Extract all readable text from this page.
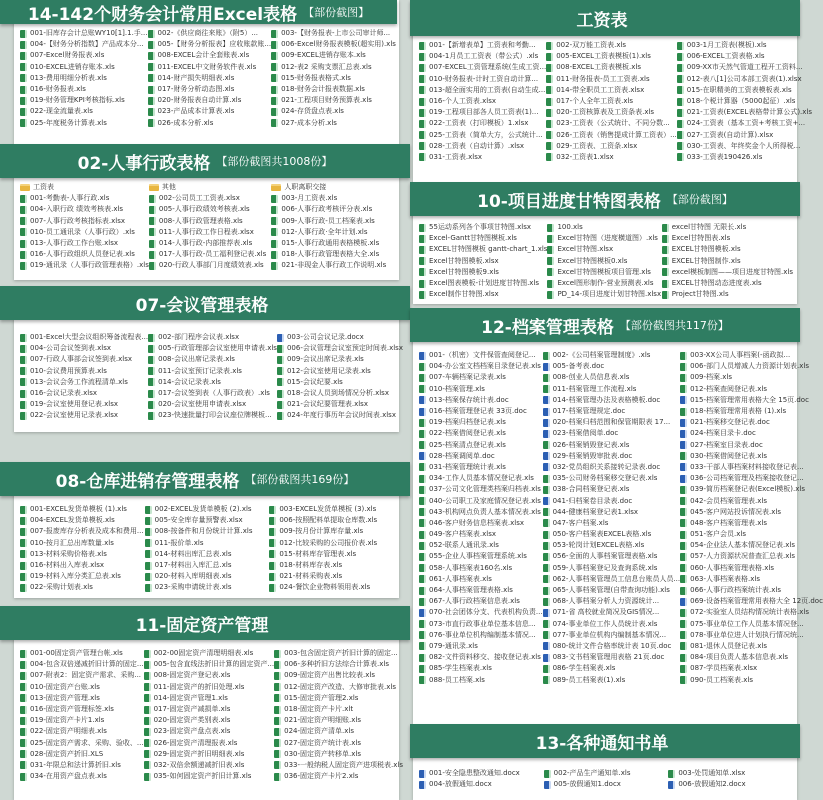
001-旧库存会计总账WY10[1].1.手... 002-《供应商往来账》（附5）...	003-【财务报表-上市公司审计师...
004-【财务分析指数】产品成本分... 005-【财务分析报表】应收账款账... 006-Excel财务报表模板(超实用).xls
007-Excel财务报表.xls	008-EXCEL会计全套账表.xls	009-EXCEL进销存账本.xls
010-EXCEL进销存账本.xls	011-EXCEL中文财务软件表.xls	012-表2 采购支票汇总表.xls
013-费用明细分析表.xls	014-财产损失明细表.xls	015-财务报表格式.xls
016-财务报表.xls	017-财务分析动态图.xls	018-财务会计报表数据.xls
019-财务管理KPI考核指标.xls	020-财务报表自动计算.xls	021-工程项目财务预算表.xls
022-现金流量表.xls	023-产品成本计算表.xls	024-存货盘点表.xls
025-年度税务计算表.xls	026-成本分析.xls	027-成本分析.xls
14-142个财务会计常用Excel表格 【部份截图】
工资表	其他	人职离职交接
001-考勤表-人事行政.xls	002-公司员工工资表.xlsx	003-月工资表.xls
004-入职行政 绩效考核表.xls	005-人事行政绩效考核表.xls	006-人事行政考核评分表.xls
007-人事行政考核指标表.xlsx	008-人事行政管理表格.xls	009-人事行政-员工档案表.xls
010-员工通讯录（人事行政）.xls	011-人事行政工作日程表.xlsx	012-人事行政·全年计划.xls
013-人事行政工作台账.xlsx	014-人事行政-内部推荐表.xls	015-人事行政通用表格模板.xls
016-人事行政组织人员登记表.xls	017-人事行政-员工福利登记表.xls 018-人事行政管理表格大全.xls
019-通讯录（人事行政管理表格）.xls 020-行政人事部门月度绩效表.xls	021-非现金人事行政工作说明.xls
02-人事行政表格 【部份截图共1008份】
001-Excel大型会议组织筹备流程表... 002-部门程序会议表.xlsx	003-公司会议记录.docx
004-公司会议签到表.xlsx	005-行政管理部会议室使用申请表.xls 006-会议管理会议室预定时间表.xlsx
007-行政人事部会议签到表.xlsx	008-会议出席记录表.xls	009-会议出席记录表.xls
010-会议费用预算表.xls	011-会议室预订记录表.xls	012-会议室使用记录表.xls
013-会议会务工作流程清单.xls	014-会议记录表.xls	015-会议纪要.xls
016-会议记录表.xlsx	017-会议签到表（人事行政表）.xls 018-会议人员到场情况分析.xlsx
019-会议室使用登记表.xlsx	020-会议室使用申请表.xlsx	021-会议纪要管理表.xlsx
022-会议室使用记录表.xlsx	023-快速批量打印会议座位牌模板... 024-年度行事历年会议时间表.xlsx
07-会议管理表格
001-EXCEL发货单模板 (1).xls	002-EXCEL发货单模板 (2).xls	003-EXCEL发货单模板 (3).xls
004-EXCEL发货单模板.xls	005-安全库存量预警表.xlsx	006-按照配料单提取仓库数.xls
007-报废库存分析表及成本和费用... 008-按备件和月份统计计算.xls	009-按月份计算库存量.xls
010-按月汇总出库数量.xls	011-报价单.xls	012-比较采购的公司报价表.xls
013-材料采购价格表.xls	014-材料出库汇总表.xls	015-材料库存管理表.xls
016-材料出入库表.xlsx	017-材料出入库汇总.xls	018-材料库存表.xls
019-材料入库分类汇总表.xls	020-材料入库明细表.xls	021-材料采购表.xls
022-采购计划表.xls	023-采购申请统计表.xls	024-餐饮企业物料领用表.xls
08-仓库进销存管理表格 【部份截图共169份】
001-00固定资产管理台帐.xls	002-00固定资产清理明细表.xls	003-包含固定资产折旧计算的固定...
004-包含双倍递减折旧计算的固定... 005-包含直线法折旧计算的固定资产... 006-多种折旧方法综合计算表.xls
007-附表2：固定资产需求、采购... 008-固定资产登记表.xls	009-固定资产出售比较表.xls
010-固定资产台账.xls	011-固定资产的折旧处理.xls	012-固定资产改造、大修审批表.xls
013-固定资产管理.xls	014-固定资产管理1.xls	015-固定资产管理2.xls
016-固定资产管理标签.xls	017-固定资产减损单.xls	018-固定资产卡片.xlt
019-固定资产卡片1.xls	020-固定资产类别表.xls	021-固定资产明细账.xls
022-固定资产明细表.xls	023-固定资产盘点表.xls	024-固定资产清单.xls
025-固定资产需求、采购、验收、... 026-固定资产清理报表.xls	027-固定资产统计表.xls
028-固定资产折旧.XLS	029-固定资产折旧明细表.xls	030-固定资产转移单.xls
031-年限总和法计算折旧.xls	032-双倍余额递减折旧表.xls	033-一般纳税人固定资产进项税表.xls
034-在用资产盘点表.xls	035-如何固定资产折旧计算.xls	036-固定资产卡片2.xls
11-固定资产管理
001-【新增表单】工资表和考勤...	002-双万能工资表.xls	003-1月工资表(模板).xls
004-1月员工工资表（带公式）.xls	005-EXCEL工资表模板(1).xls	006-EXCEL工资表格.xls
007-EXCEL工资管理系统(生成工资... 008-EXCEL工资表模板.xls	009-XX市天然气管道工程开工资料...
010-财务报表-计时工资自动计算...	011-财务报表-员工工资表.xls	012-表八[1]公司本部工资表(1).xlsx
013-超全面实用的工资表(自动生成... 014-带全职员工工资表.xlsx	015-在职精美的工资表模板表.xls
016-个人工资表.xlsx	017-个人全年工资表.xls	018-个税计算器（5000起征）.xls
019-工程项目部各人员工资表(1)...	020-工资核算表及工资条表.xls	021-工资表(EXCEL表格带计算公式).xls
022-工资表（打印模板）1.xlsx	023-工资表（公式统计、不同分数... 024-工资表（基本工资+考核工资+...
025-工资表（简单大方，公式统计... 026-工资表（销售提成计算工资表）... 027-工资表(自动计算).xlsx
028-工资表（自动计算）.xlsx	029-工资表、工资条.xlsx	030-工资表、年终奖金个人所得税...
031-工资表.xlsx	032-工资表1.xlsx	033-工资表190426.xls
工资表
55运动系列各个事项甘特图.xlsx	100.xls	excel甘特图 无限长.xls
Excel-Gantt甘特图模板.xls	Excel甘特图（进度横道图）.xls Excel甘特图表.xls
EXCEL甘特图模板 gantt-chart_1.xls Excel甘特图.xlsx	EXCEL甘特图模板.xls
Excel甘特图模板.xlsx	Excel甘特图模板0.xls	EXCEL甘特图制作.xls
Excel甘特图模板9.xls	Excel甘特图模板项目管理.xls	excel模板制图——项目进度甘特图.xls
Excel图表模板-计划进度甘特图.xls	Excel图形制作-营业预测表.xls	EXCEL甘特图动态进度表.xls
Excel制作甘特图.xlsx	PD_14-项目进度计划甘特图.xlsx Project甘特图.xls
10-项目进度甘特图表格 【部份截图】
001-（机密）文件保管查阅登记... 002-《公司档案管理制度》.xls	003-XX公司人事档案(-函政拟...
004-办公室文档档案目录登记表.xls 005-备考表.doc	006-部门人员增减人力资源计划表.xls
007-车辆档案记录表.xls	008-创业人员信息表.xls	009-档案.xls
010-档案管理.xls	011-档案管理工作流程.xls	012-档案查阅登记表.xls
013-档案保存统计表.doc	014-档案管理办法及表格模板.doc	015-档案管理常用表格大全 15页.doc
016-档案管理登记表 33页.doc	017-档案管理规定.doc	018-档案管理常用表格 (1).xls
019-档案归档登记表.xls	020-档案归档范围和保管期限表 17...	021-档案移交登记表.doc
022-档案借阅登记表.xls	023-档案借阅单.doc	024-档案目录卡.doc
025-档案清点登记表.xls	026-档案销毁登记表.xls	027-档案室目录表.doc
028-档案调阅单.doc	029-档案销毁审批表.doc	030-档案借阅登记表.xls
031-档案管理统计表.xls	032-党员组织关系接转记录表.doc	033-干部人事档案材料接收登记表...
034-工作人员基本情况登记表.xls	035-公司财务档案移交登记表.xls	036-公司档案管理及档案接收登记...
037-公司文化管理类档案归档表.xls 038-合同档案登记表.xls	039-简历档案登记表(Excel模板).xls
040-公司职工及家庭情况登记表.xls 041-归档案卷目录表.doc	042-会员档案管理表.xls
043-机构网点负责人基本情况表.xls 044-健康档案登记表1.xlsx	045-客户网站投诉情况表.xls
046-客户财务信息档案表.xlsx	047-客户档案.xls	048-客户档案管理表.xls
049-客户档案表.xlsx	050-客户档案表EXCEL表格.xls	051-客户会员.xls
052-联系人通讯录.xls	053-轮岗计划EXCEL表格.xls	054-企业法人基本情况登记表.xls
055-企业人事档案管理系统.xls	056-全面的人事档案管理表格.xls	057-人力资源状况普查汇总表.xls
058-人事档案表160名.xls	059-人事档案登记及查询系统.xls	060-人事档案管理表格.xls
061-人事档案表.xls	062-人事档案管理员工信息台账员人员... 063-人事档案表格.xls
064-人事档案管理表格.xls	065-人事档案管理(自带查询功能).xls	066-人事行政档案统计表.xls
067-人事行政档案信息表.xls	068-人事档案分析人力资源统计...	069-设备档案管理常用表格大全 12页.doc
070-社会团体分支、代表机构负责... 071-省 高校就业简况及GIS情况...	072-实验室人员结构情况统计表格.xls
073-市直行政事业单位基本信息... 074-事业单位工作人员统计表.xls	075-事业单位工作人员基本情况登...
076-事业单位机构编制基本情况... 077-事业单位机构内编制基本情况...	078-事业单位进人计划执行情况统...
079-通讯录.xls	080-统计文件合格率统计表 10页.doc	081-退休人员登记表.xls
082-文件资料移交、接收登记表.xls 083-文书档案管理用表格 21页.doc	084-项目负责人基本信息表.xls
085-学生档案表.xls	086-学生档案表.xls	087-学员档案表.xlsx
088-员工档案.xls	089-员工档案表(1).xls	090-员工档案表.xls
12-档案管理表格 【部份截图共117份】
001-安全隐患整改通知.docx	002-产品生产通知单.xls	003-处罚通知单.xlsx
004-放假通知.docx	005-放假通知1.docx	006-放假通知2.docx
13-各种通知书单
